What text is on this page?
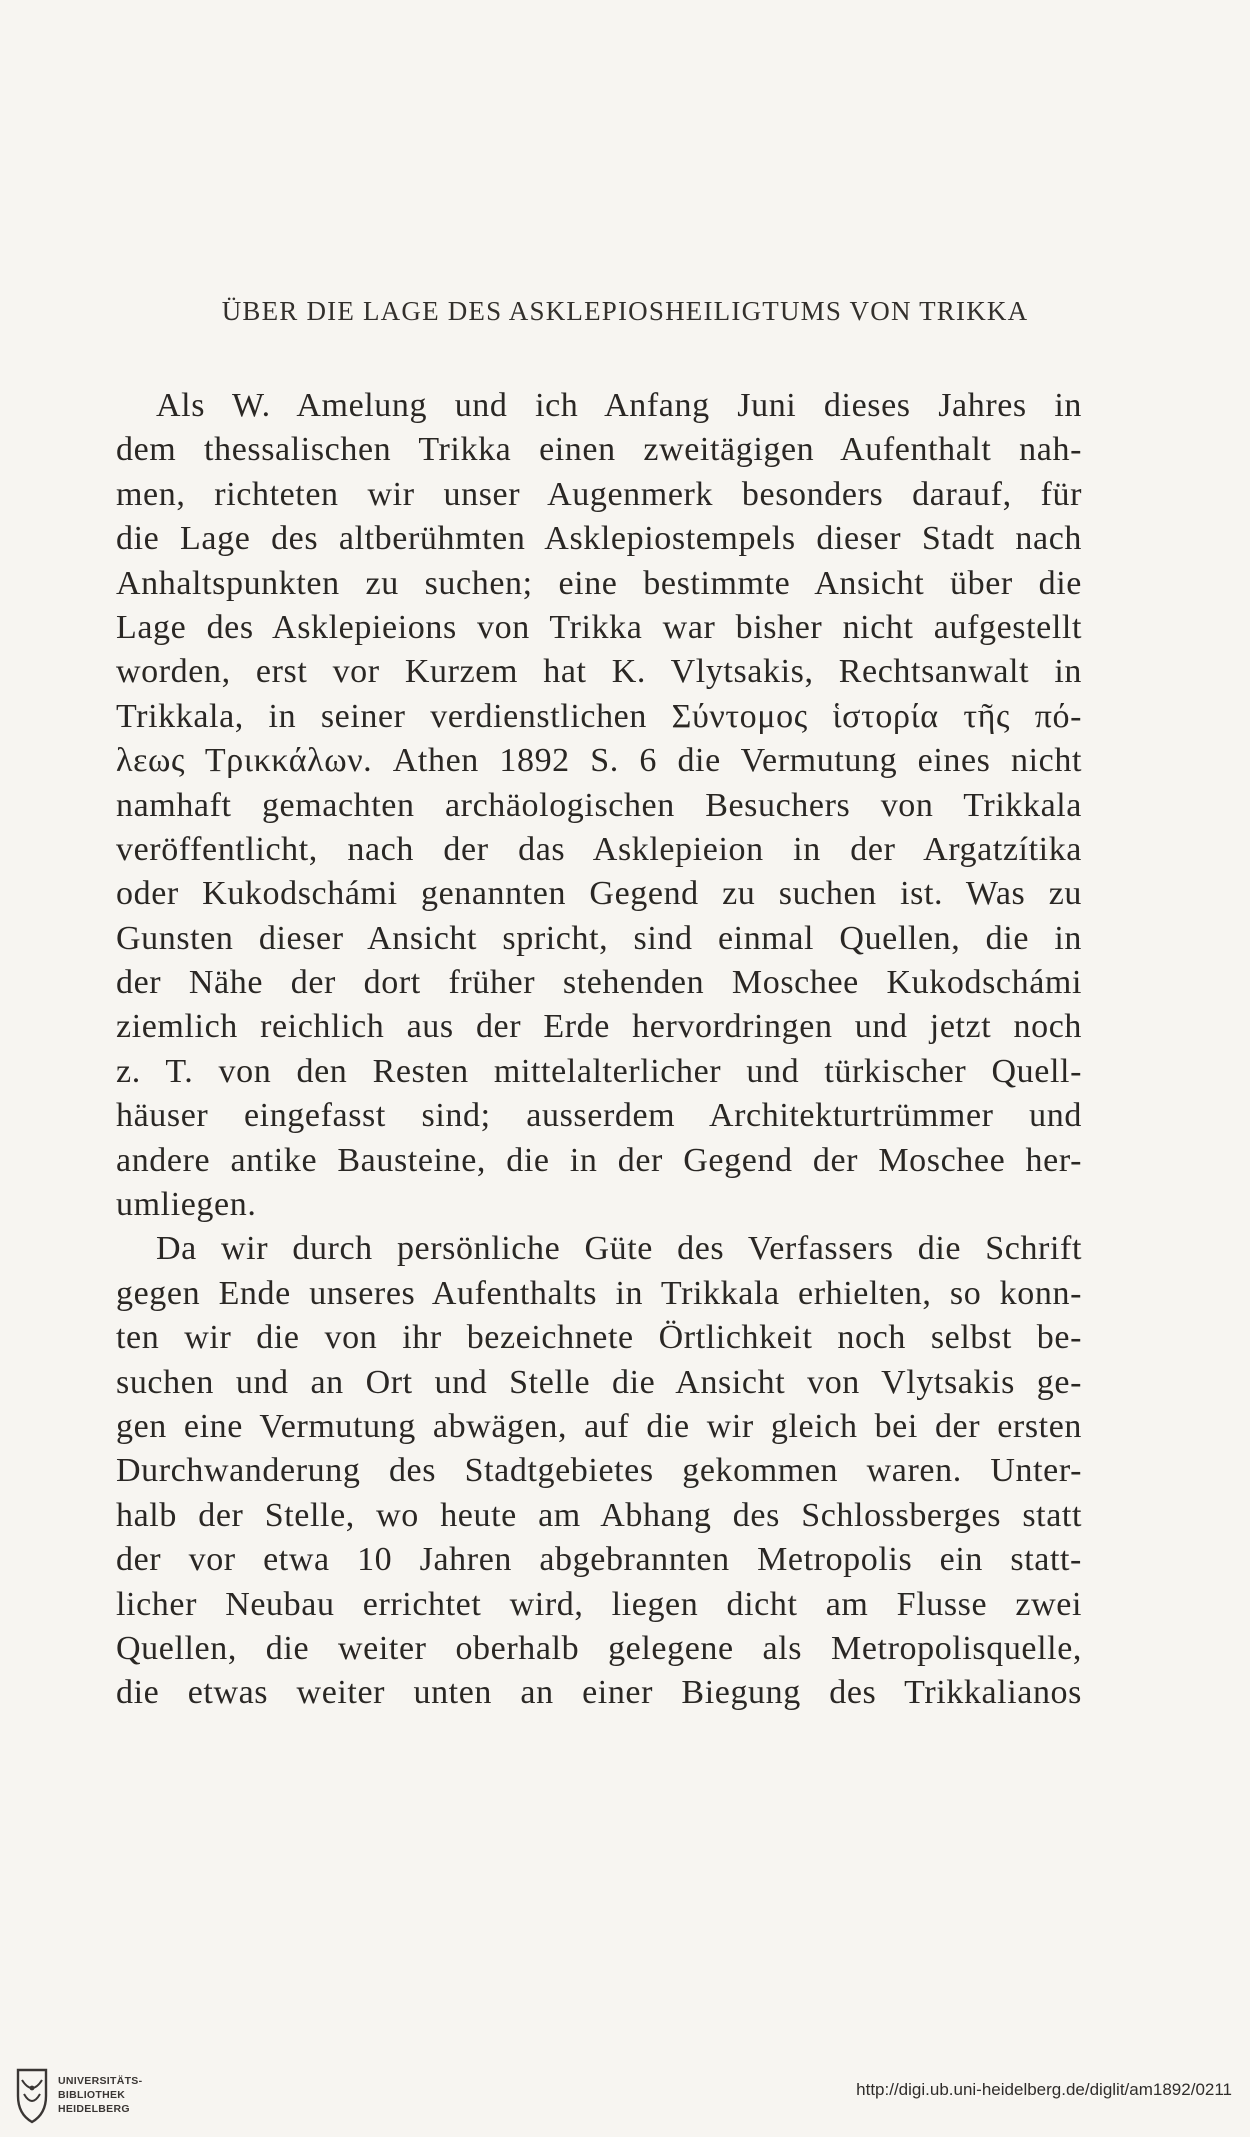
ÜBER DIE LAGE DES ASKLEPIOSHEILIGTUMS VON TRIKKA
Als W. Amelung und ich Anfang Juni dieses Jahres in
dem thessalischen Trikka einen zweitägigen Aufenthalt nah-
men, richteten wir unser Augenmerk besonders darauf, für
die Lage des altberühmten Asklepiostempels dieser Stadt nach
Anhaltspunkten zu suchen; eine bestimmte Ansicht über die
Lage des Asklepieions von Trikka war bisher nicht aufgestellt
worden, erst vor Kurzem hat K. Vlytsakis, Rechtsanwalt in
Trikkala, in seiner verdienstlichen Σύντομος ἱστορία τῆς πό-
λεως Τρικκάλων. Athen 1892 S. 6 die Vermutung eines nicht
namhaft gemachten archäologischen Besuchers von Trikkala
veröffentlicht, nach der das Asklepieion in der Argatzítika
oder Kukodschámi genannten Gegend zu suchen ist. Was zu
Gunsten dieser Ansicht spricht, sind einmal Quellen, die in
der Nähe der dort früher stehenden Moschee Kukodschámi
ziemlich reichlich aus der Erde hervordringen und jetzt noch
z. T. von den Resten mittelalterlicher und türkischer Quell-
häuser eingefasst sind; ausserdem Architekturtrümmer und
andere antike Bausteine, die in der Gegend der Moschee her-
umliegen.
Da wir durch persönliche Güte des Verfassers die Schrift
gegen Ende unseres Aufenthalts in Trikkala erhielten, so konn-
ten wir die von ihr bezeichnete Örtlichkeit noch selbst be-
suchen und an Ort und Stelle die Ansicht von Vlytsakis ge-
gen eine Vermutung abwägen, auf die wir gleich bei der ersten
Durchwanderung des Stadtgebietes gekommen waren. Unter-
halb der Stelle, wo heute am Abhang des Schlossberges statt
der vor etwa 10 Jahren abgebrannten Metropolis ein statt-
licher Neubau errichtet wird, liegen dicht am Flusse zwei
Quellen, die weiter oberhalb gelegene als Metropolisquelle,
die etwas weiter unten an einer Biegung des Trikkalianos
UNIVERSITÄTS-
BIBLIOTHEK
HEIDELBERG
http://digi.ub.uni-heidelberg.de/diglit/am1892/0211
